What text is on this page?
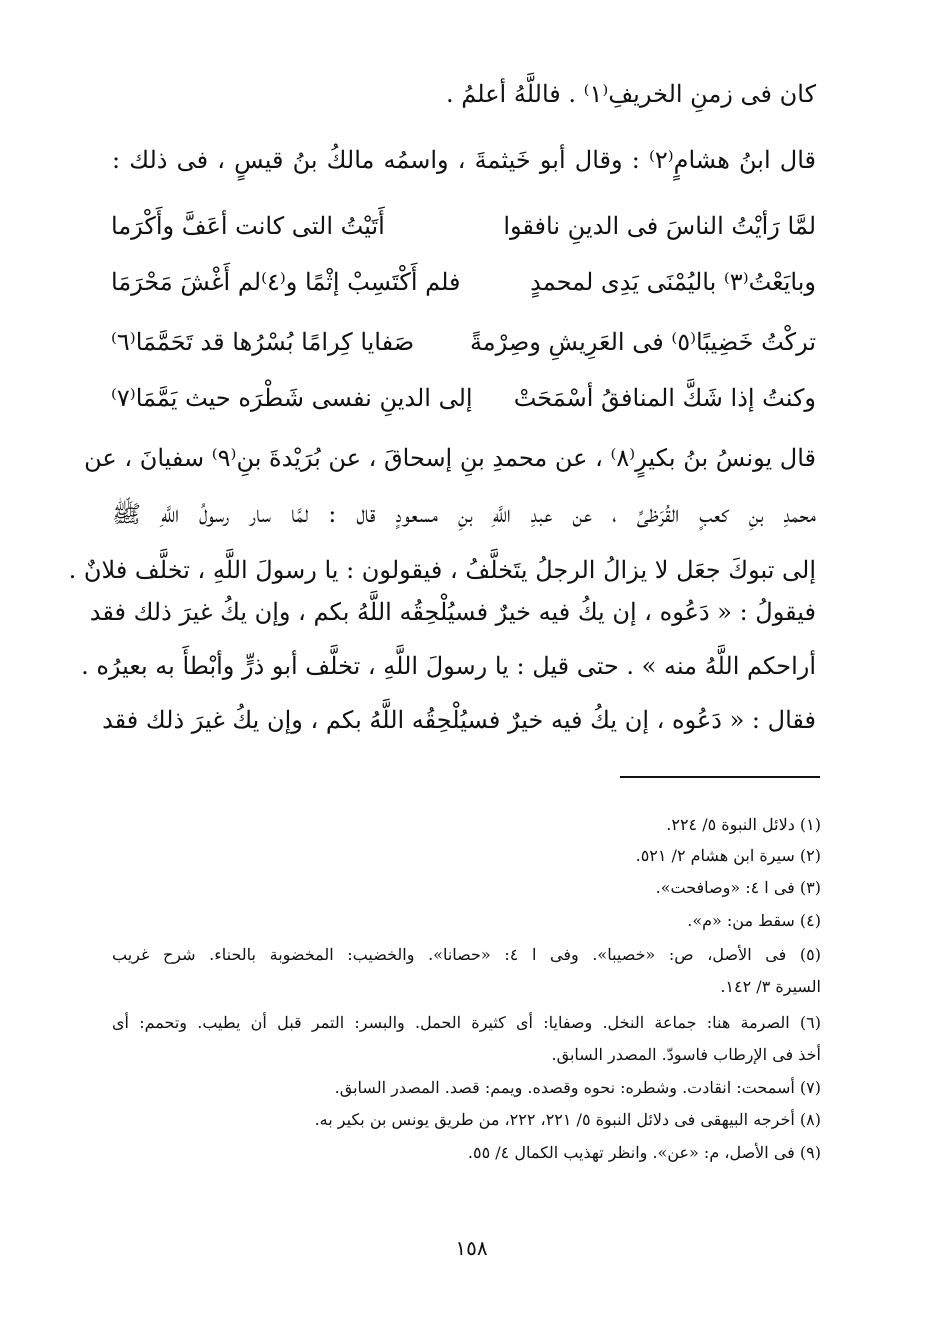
كان فى زمنِ الخريفِ⁽١⁾ . فاللَّهُ أعلمُ .
قال ابنُ هشامٍ⁽٢⁾ : وقال أبو خَيثمةَ ، واسمُه مالكُ بنُ قيسٍ ، فى ذلك :
لمَّا رَأيْتُ الناسَ فى الدينِ نافقوا
أَتَيْتُ التى كانت أعَفَّ وأَكْرَما
وبايَعْتُ⁽٣⁾ باليُمْنَى يَدِى لمحمدٍ
فلم أَكْتَسِبْ إثْمًا و⁽٤⁾لم أَغْشَ مَحْرَمَا
تركْتُ خَضِيبًا⁽٥⁾ فى العَرِيشِ وصِرْمةً
صَفايا كِرامًا بُسْرُها قد تَحَمَّمَا⁽٦⁾
وكنتُ إذا شَكَّ المنافقُ أسْمَحَتْ
إلى الدينِ نفسى شَطْرَه حيث يَمَّمَا⁽٧⁾
قال يونسُ بنُ بكيرٍ⁽٨⁾ ، عن محمدِ بنِ إسحاقَ ، عن بُرَيْدةَ بنِ⁽٩⁾ سفيانَ ، عن
محمدِ بنِ كعبٍ القُرَظىِّ ، عن عبدِ اللَّهِ بنِ مسعودٍ قال : لمَّا سار رسولُ اللَّهِ ﷺ
إلى تبوكَ جعَل لا يزالُ الرجلُ يتَخلَّفُ ، فيقولون : يا رسولَ اللَّهِ ، تخلَّف فلانٌ .
فيقولُ : « دَعُوه ، إن يكُ فيه خيرٌ فسيُلْحِقُه اللَّهُ بكم ، وإن يكُ غيرَ ذلك فقد
أراحكم اللَّهُ منه » . حتى قيل : يا رسولَ اللَّهِ ، تخلَّف أبو ذرٍّ وأبْطأَ به بعيرُه .
فقال : « دَعُوه ، إن يكُ فيه خيرٌ فسيُلْحِقُه اللَّهُ بكم ، وإن يكُ غيرَ ذلك فقد
(١) دلائل النبوة ٥/ ٢٢٤.
(٢) سيرة ابن هشام ٢/ ٥٢١.
(٣) فى ا ٤: «وصافحت».
(٤) سقط من: «م».
(٥) فى الأصل، ص: «خصيبا». وفى ا ٤: «حصانا». والخضيب: المخضوبة بالحناء. شرح غريب
السيرة ٣/ ١٤٢.
(٦) الصرمة هنا: جماعة النخل. وصفايا: أى كثيرة الحمل. والبسر: التمر قبل أن يطيب. وتحمم: أى
أخذ فى الإرطاب فاسودّ. المصدر السابق.
(٧) أسمحت: انقادت. وشطره: نحوه وقصده. ويمم: قصد. المصدر السابق.
(٨) أخرجه البيهقى فى دلائل النبوة ٥/ ٢٢١، ٢٢٢، من طريق يونس بن بكير به.
(٩) فى الأصل، م: «عن». وانظر تهذيب الكمال ٤/ ٥٥.
١٥٨
